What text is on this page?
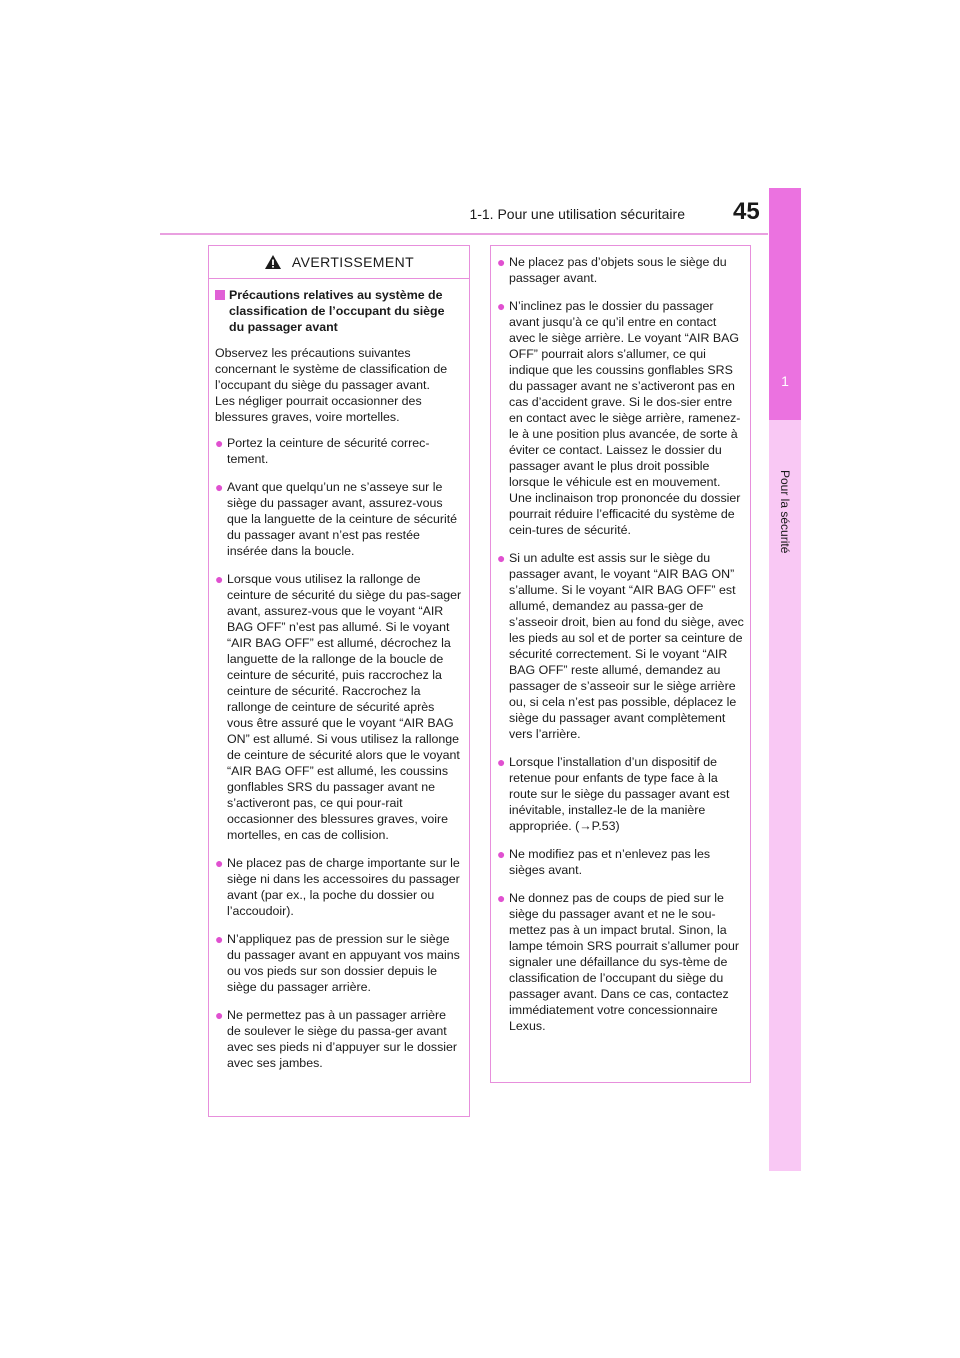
1-1. Pour une utilisation sécuritaire 45
1
Pour la sécurité
AVERTISSEMENT
Précautions relatives au système de classification de l’occupant du siège du passager avant

Observez les précautions suivantes concernant le système de classification de l’occupant du siège du passager avant.
Les négliger pourrait occasionner des blessures graves, voire mortelles.

● Portez la ceinture de sécurité correc-tement.
● Avant que quelqu’un ne s’asseye sur le siège du passager avant, assurez-vous que la languette de la ceinture de sécurité du passager avant n’est pas restée insérée dans la boucle.
● Lorsque vous utilisez la rallonge de ceinture de sécurité du siège du pas-sager avant, assurez-vous que le voyant “AIR BAG OFF” n’est pas allumé. Si le voyant “AIR BAG OFF” est allumé, décrochez la languette de la rallonge de la boucle de ceinture de sécurité, puis raccrochez la ceinture de sécurité. Raccrochez la rallonge de ceinture de sécurité après vous être assuré que le voyant “AIR BAG ON” est allumé. Si vous utilisez la rallonge de ceinture de sécurité alors que le voyant “AIR BAG OFF” est allumé, les coussins gonflables SRS du passager avant ne s’activeront pas, ce qui pour-rait occasionner des blessures graves, voire mortelles, en cas de collision.
● Ne placez pas de charge importante sur le siège ni dans les accessoires du passager avant (par ex., la poche du dossier ou l’accoudoir).
● N’appliquez pas de pression sur le siège du passager avant en appuyant vos mains ou vos pieds sur son dossier depuis le siège du passager arrière.
● Ne permettez pas à un passager arrière de soulever le siège du passa-ger avant avec ses pieds ni d’appuyer sur le dossier avec ses jambes.
● Ne placez pas d’objets sous le siège du passager avant.
● N’inclinez pas le dossier du passager avant jusqu’à ce qu’il entre en contact avec le siège arrière. Le voyant “AIR BAG OFF” pourrait alors s’allumer, ce qui indique que les coussins gonflables SRS du passager avant ne s’activeront pas en cas d’accident grave. Si le dos-sier entre en contact avec le siège arrière, ramenez-le à une position plus avancée, de sorte à éviter ce contact. Laissez le dossier du passager avant le plus droit possible lorsque le véhicule est en mouvement. Une inclinaison trop prononcée du dossier pourrait réduire l’efficacité du système de cein-tures de sécurité.
● Si un adulte est assis sur le siège du passager avant, le voyant “AIR BAG ON” s’allume. Si le voyant “AIR BAG OFF” est allumé, demandez au passa-ger de s’asseoir droit, bien au fond du siège, avec les pieds au sol et de porter sa ceinture de sécurité correctement. Si le voyant “AIR BAG OFF” reste allumé, demandez au passager de s’asseoir sur le siège arrière ou, si cela n’est pas possible, déplacez le siège du passager avant complètement vers l’arrière.
● Lorsque l’installation d’un dispositif de retenue pour enfants de type face à la route sur le siège du passager avant est inévitable, installez-le de la manière appropriée. (→P.53)
● Ne modifiez pas et n’enlevez pas les sièges avant.
● Ne donnez pas de coups de pied sur le siège du passager avant et ne le sou-mettez pas à un impact brutal. Sinon, la lampe témoin SRS pourrait s’allumer pour signaler une défaillance du sys-tème de classification de l’occupant du siège du passager avant. Dans ce cas, contactez immédiatement votre concessionnaire Lexus.
